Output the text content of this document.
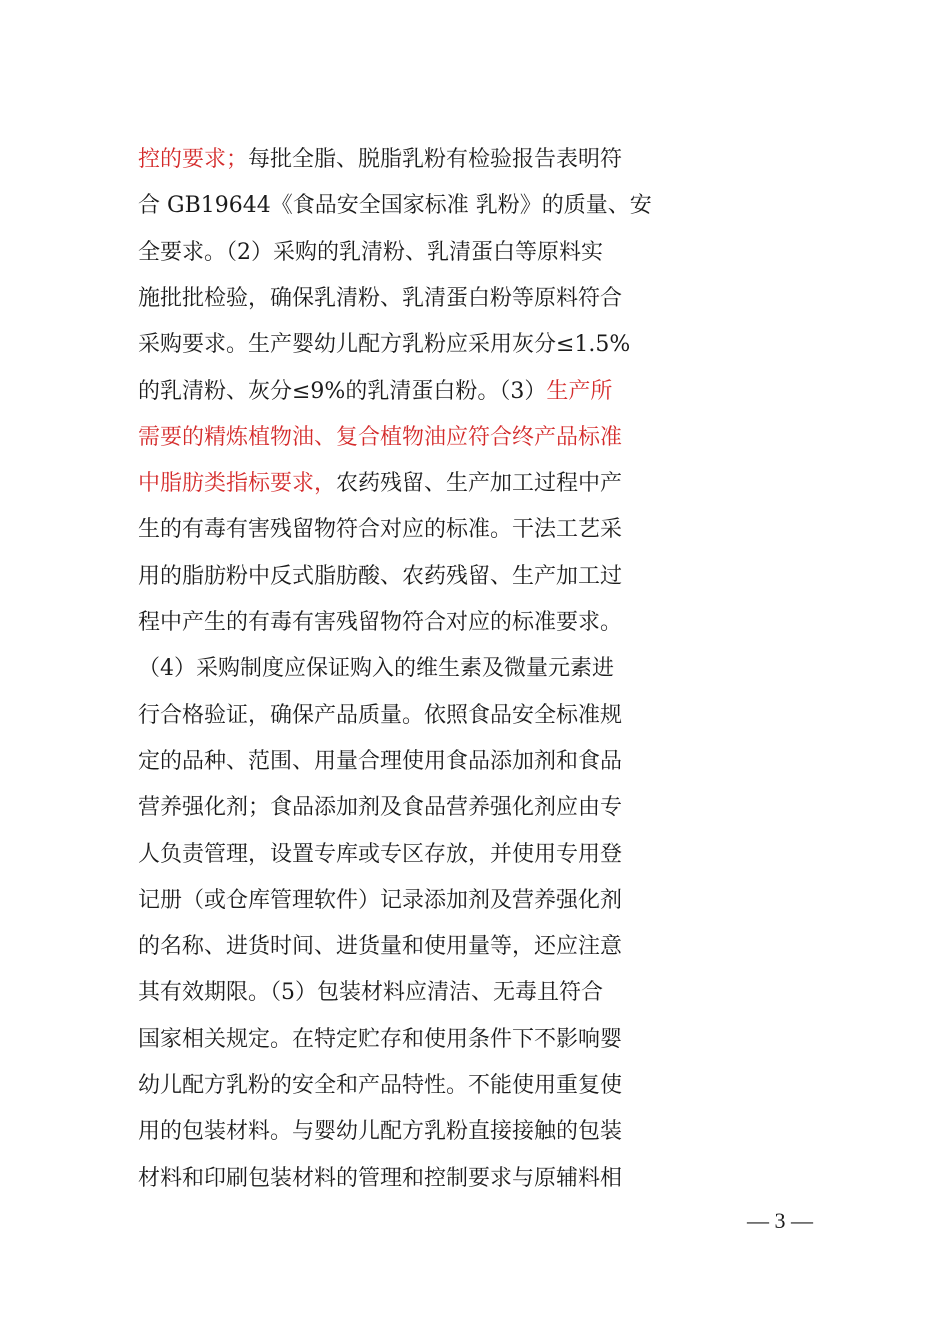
控的要求；每批全脂、脱脂乳粉有检验报告表明符
合 GB19644《食品安全国家标准 乳粉》的质量、安
全要求。（2）采购的乳清粉、乳清蛋白等原料实
施批批检验，确保乳清粉、乳清蛋白粉等原料符合
采购要求。生产婴幼儿配方乳粉应采用灰分≤1.5%
的乳清粉、灰分≤9%的乳清蛋白粉。（3）生产所
需要的精炼植物油、复合植物油应符合终产品标准
中脂肪类指标要求，农药残留、生产加工过程中产
生的有毒有害残留物符合对应的标准。干法工艺采
用的脂肪粉中反式脂肪酸、农药残留、生产加工过
程中产生的有毒有害残留物符合对应的标准要求。
（4）采购制度应保证购入的维生素及微量元素进
行合格验证，确保产品质量。依照食品安全标准规
定的品种、范围、用量合理使用食品添加剂和食品
营养强化剂；食品添加剂及食品营养强化剂应由专
人负责管理，设置专库或专区存放，并使用专用登
记册（或仓库管理软件）记录添加剂及营养强化剂
的名称、进货时间、进货量和使用量等，还应注意
其有效期限。（5）包装材料应清洁、无毒且符合
国家相关规定。在特定贮存和使用条件下不影响婴
幼儿配方乳粉的安全和产品特性。不能使用重复使
用的包装材料。与婴幼儿配方乳粉直接接触的包装
材料和印刷包装材料的管理和控制要求与原辅料相
— 3 —
